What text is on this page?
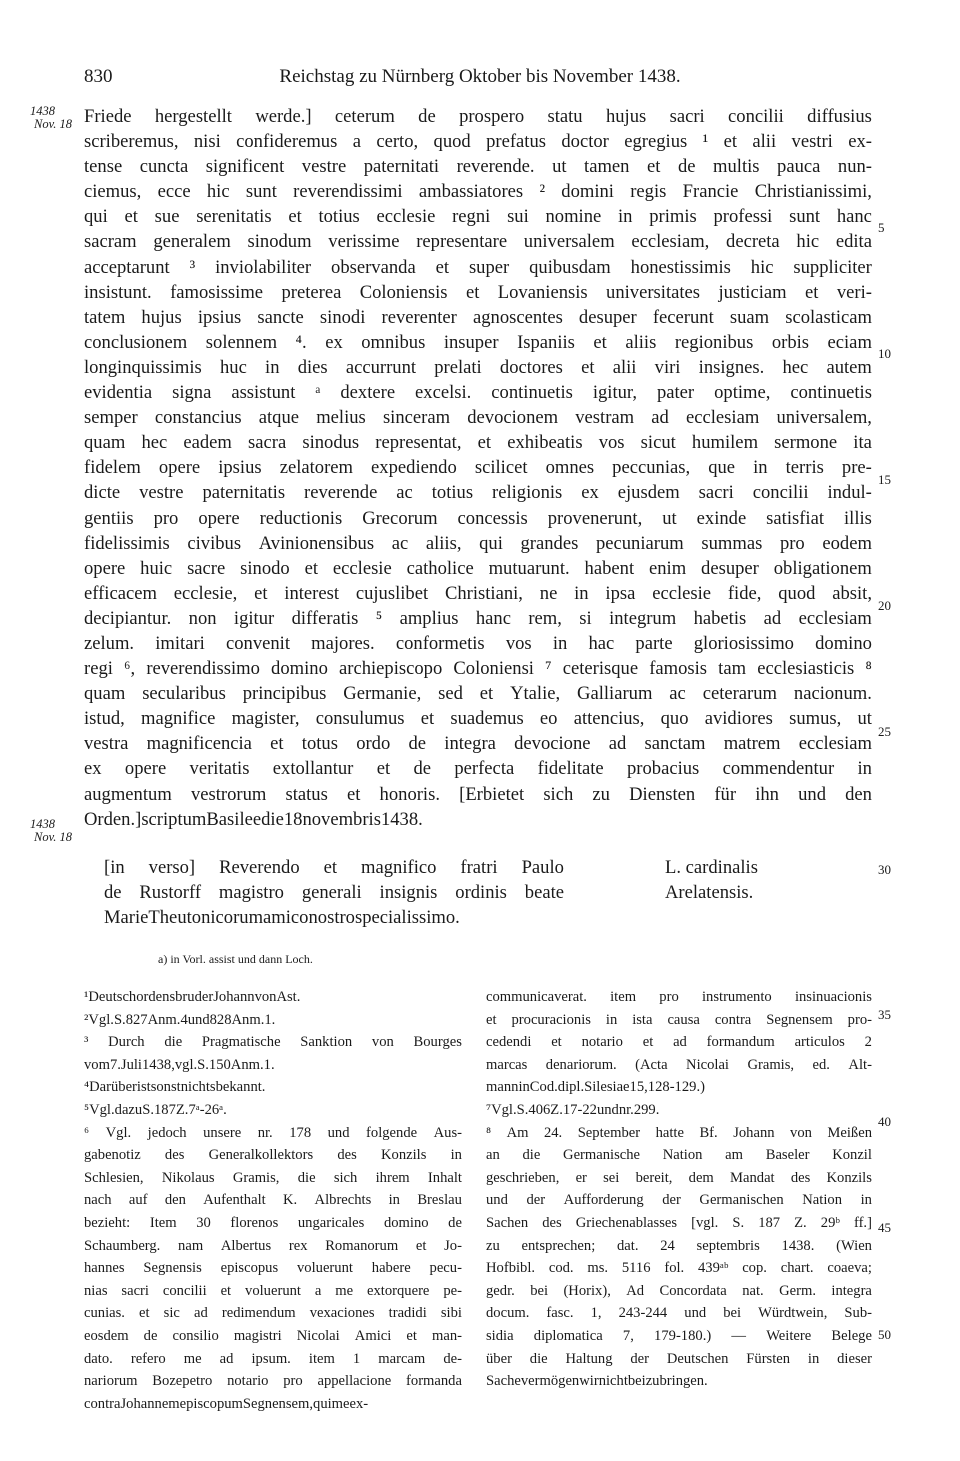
830	Reichstag zu Nürnberg Oktober bis November 1438.
1438
Nov. 18
1438
Nov. 18
Friede hergestellt werde.] ceterum de prospero statu hujus sacri concilii diffusius
scriberemus, nisi confideremus a certo, quod prefatus doctor egregius ¹ et alii vestri ex-
tense cuncta significent vestre paternitati reverende. ut tamen et de multis pauca nun-
ciemus, ecce hic sunt reverendissimi ambassiatores ² domini regis Francie Christianissimi,
qui et sue serenitatis et totius ecclesie regni sui nomine in primis professi sunt hanc
sacram generalem sinodum verissime representare universalem ecclesiam, decreta hic edita
acceptarunt ³ inviolabiliter observanda et super quibusdam honestissimis hic suppliciter
insistunt. famosissime preterea Coloniensis et Lovaniensis universitates justiciam et veri-
tatem hujus ipsius sancte sinodi reverenter agnoscentes desuper fecerunt suam scolasticam
conclusionem solennem ⁴. ex omnibus insuper Ispaniis et aliis regionibus orbis eciam
longinquissimis huc in dies accurrunt prelati doctores et alii viri insignes. hec autem
evidentia signa assistunt ᵃ dextere excelsi. continuetis igitur, pater optime, continuetis
semper constancius atque melius sinceram devocionem vestram ad ecclesiam universalem,
quam hec eadem sacra sinodus representat, et exhibeatis vos sicut humilem sermone ita
fidelem opere ipsius zelatorem expediendo scilicet omnes peccunias, que in terris pre-
dicte vestre paternitatis reverende ac totius religionis ex ejusdem sacri concilii indul-
gentiis pro opere reductionis Grecorum concessis provenerunt, ut exinde satisfiat illis
fidelissimis civibus Avinionensibus ac aliis, qui grandes pecuniarum summas pro eodem
opere huic sacre sinodo et ecclesie catholice mutuarunt. habent enim desuper obligationem
efficacem ecclesie, et interest cujuslibet Christiani, ne in ipsa ecclesie fide, quod absit,
decipiantur. non igitur differatis ⁵ amplius hanc rem, si integrum habetis ad ecclesiam
zelum. imitari convenit majores. conformetis vos in hac parte gloriosissimo domino
regi ⁶, reverendissimo domino archiepiscopo Coloniensi ⁷ ceterisque famosis tam ecclesiasticis ⁸
quam secularibus principibus Germanie, sed et Ytalie, Galliarum ac ceterarum nacionum.
istud, magnifice magister, consulumus et suademus eo attencius, quo avidiores sumus, ut
vestra magnificencia et totus ordo de integra devocione ad sanctam matrem ecclesiam
ex opere veritatis extollantur et de perfecta fidelitate probacius commendentur in
augmentum vestrorum status et honoris. [Erbietet sich zu Diensten für ihn und den
Orden.] scriptum Basilee die 18 novembris 1438.
5
10
15
20
25
30
35
40
45
50
[in verso] Reverendo et magnifico fratri Paulo
de Rustorff magistro generali insignis ordinis beate
Marie Theutonicorum amico nostro specialissimo.
L. cardinalis
Arelatensis.
a) in Vorl. assist und dann Loch.
¹ Deutschordensbruder Johann von Ast.
² Vgl. S. 827 Anm. 4 und 828 Anm. 1.
³ Durch die Pragmatische Sanktion von Bourges
vom 7. Juli 1438, vgl. S. 150 Anm. 1.
⁴ Darüber ist sonst nichts bekannt.
⁵ Vgl. dazu S. 187 Z. 7ᵃ-26ᵃ.
⁶ Vgl. jedoch unsere nr. 178 und folgende Aus-
gabenotiz des Generalkollektors des Konzils in
Schlesien, Nikolaus Gramis, die sich ihrem Inhalt
nach auf den Aufenthalt K. Albrechts in Breslau
bezieht: Item 30 florenos ungaricales domino de
Schaumberg. nam Albertus rex Romanorum et Jo-
hannes Segnensis episcopus voluerunt habere pecu-
nias sacri concilii et voluerunt a me extorquere pe-
cunias. et sic ad redimendum vexaciones tradidi sibi
eosdem de consilio magistri Nicolai Amici et man-
dato. refero me ad ipsum. item 1 marcam de-
nariorum Bozepetro notario pro appellacione formanda
contra Johannem episcopum Segnensem, qui me ex-
communicaverat. item pro instrumento insinuacionis
et procuracionis in ista causa contra Segnensem pro-
cedendi et notario et ad formandum articulos 2
marcas denariorum. (Acta Nicolai Gramis, ed. Alt-
mann in Cod. dipl. Silesiae 15, 128-129.)
⁷ Vgl. S. 406 Z. 17-22 und nr. 299.
⁸ Am 24. September hatte Bf. Johann von Meißen
an die Germanische Nation am Baseler Konzil
geschrieben, er sei bereit, dem Mandat des Konzils
und der Aufforderung der Germanischen Nation in
Sachen des Griechenablasses [vgl. S. 187 Z. 29ᵇ ff.]
zu entsprechen; dat. 24 septembris 1438. (Wien
Hofbibl. cod. ms. 5116 fol. 439ᵃᵇ cop. chart. coaeva;
gedr. bei (Horix), Ad Concordata nat. Germ. integra
docum. fasc. 1, 243-244 und bei Würdtwein, Sub-
sidia diplomatica 7, 179-180.) — Weitere Belege
über die Haltung der Deutschen Fürsten in dieser
Sache vermögen wir nicht beizubringen.
